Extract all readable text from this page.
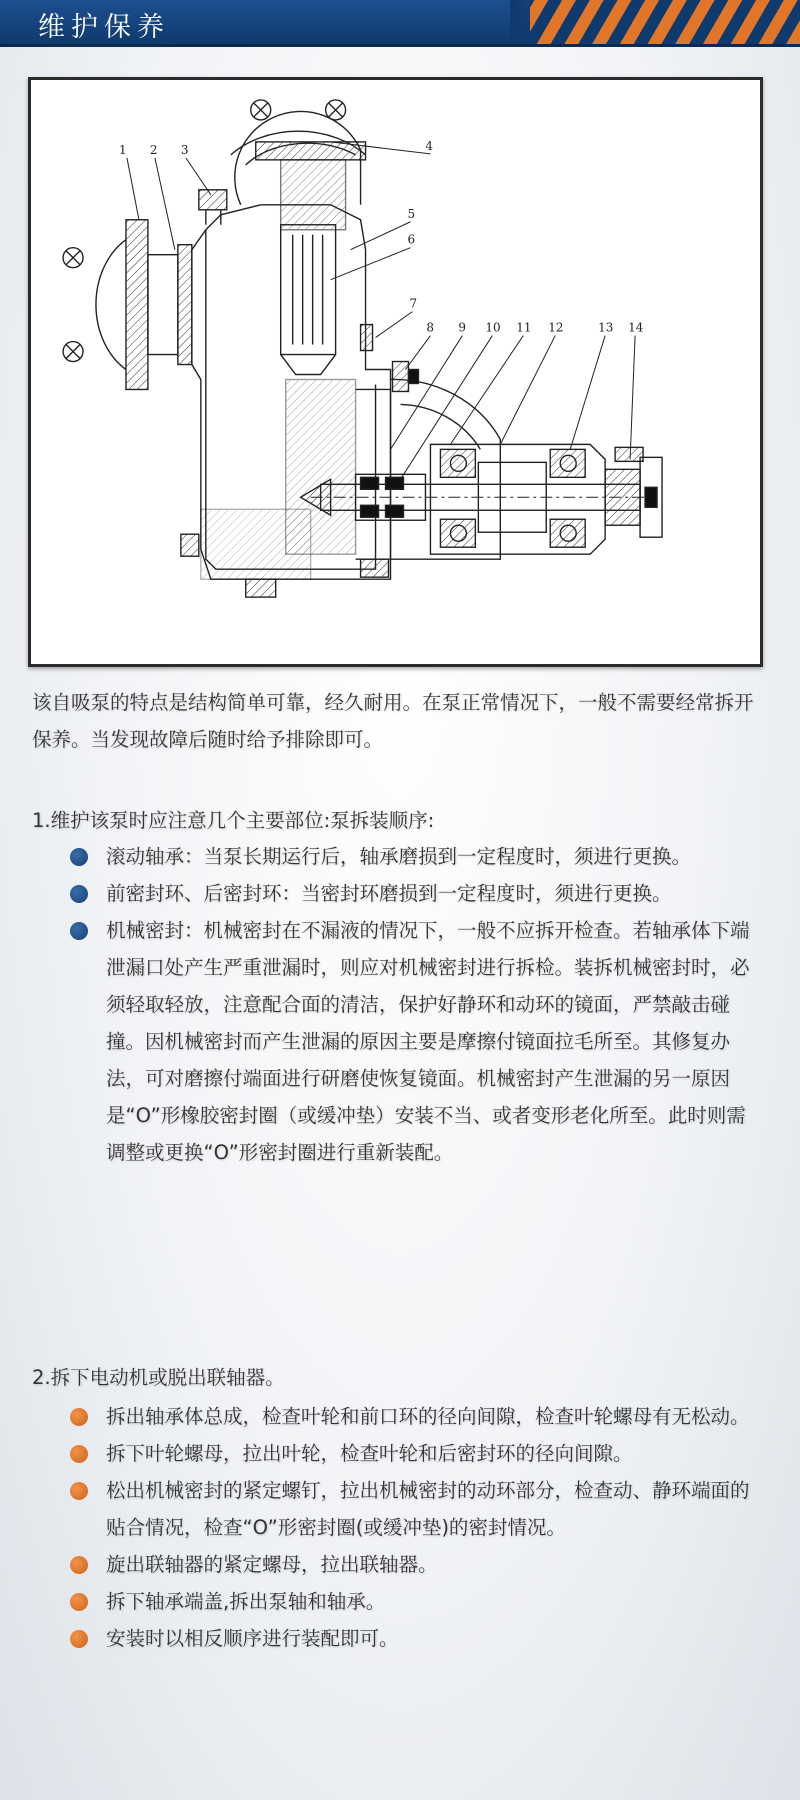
维护保养
1 2 3	4
5
6
7
8 9 10 11 12	13 14
该自吸泵的特点是结构简单可靠，经久耐用。在泵正常情况下，一般不需要经常拆开保养。当发现故障后随时给予排除即可。
1.维护该泵时应注意几个主要部位:泵拆装顺序:
滚动轴承：当泵长期运行后，轴承磨损到一定程度时，须进行更换。
前密封环、后密封环：当密封环磨损到一定程度时，须进行更换。
机械密封：机械密封在不漏液的情况下，一般不应拆开检查。若轴承体下端泄漏口处产生严重泄漏时，则应对机械密封进行拆检。装拆机械密封时，必须轻取轻放，注意配合面的清洁，保护好静环和动环的镜面，严禁敲击碰撞。因机械密封而产生泄漏的原因主要是摩擦付镜面拉毛所至。其修复办法，可对磨擦付端面进行研磨使恢复镜面。机械密封产生泄漏的另一原因是“O”形橡胶密封圈（或缓冲垫）安装不当、或者变形老化所至。此时则需调整或更换“O”形密封圈进行重新装配。
2.拆下电动机或脱出联轴器。
拆出轴承体总成，检查叶轮和前口环的径向间隙，检查叶轮螺母有无松动。
拆下叶轮螺母，拉出叶轮，检查叶轮和后密封环的径向间隙。
松出机械密封的紧定螺钉，拉出机械密封的动环部分，检查动、静环端面的贴合情况，检查“O”形密封圈(或缓冲垫)的密封情况。
旋出联轴器的紧定螺母，拉出联轴器。
拆下轴承端盖,拆出泵轴和轴承。
安装时以相反顺序进行装配即可。
